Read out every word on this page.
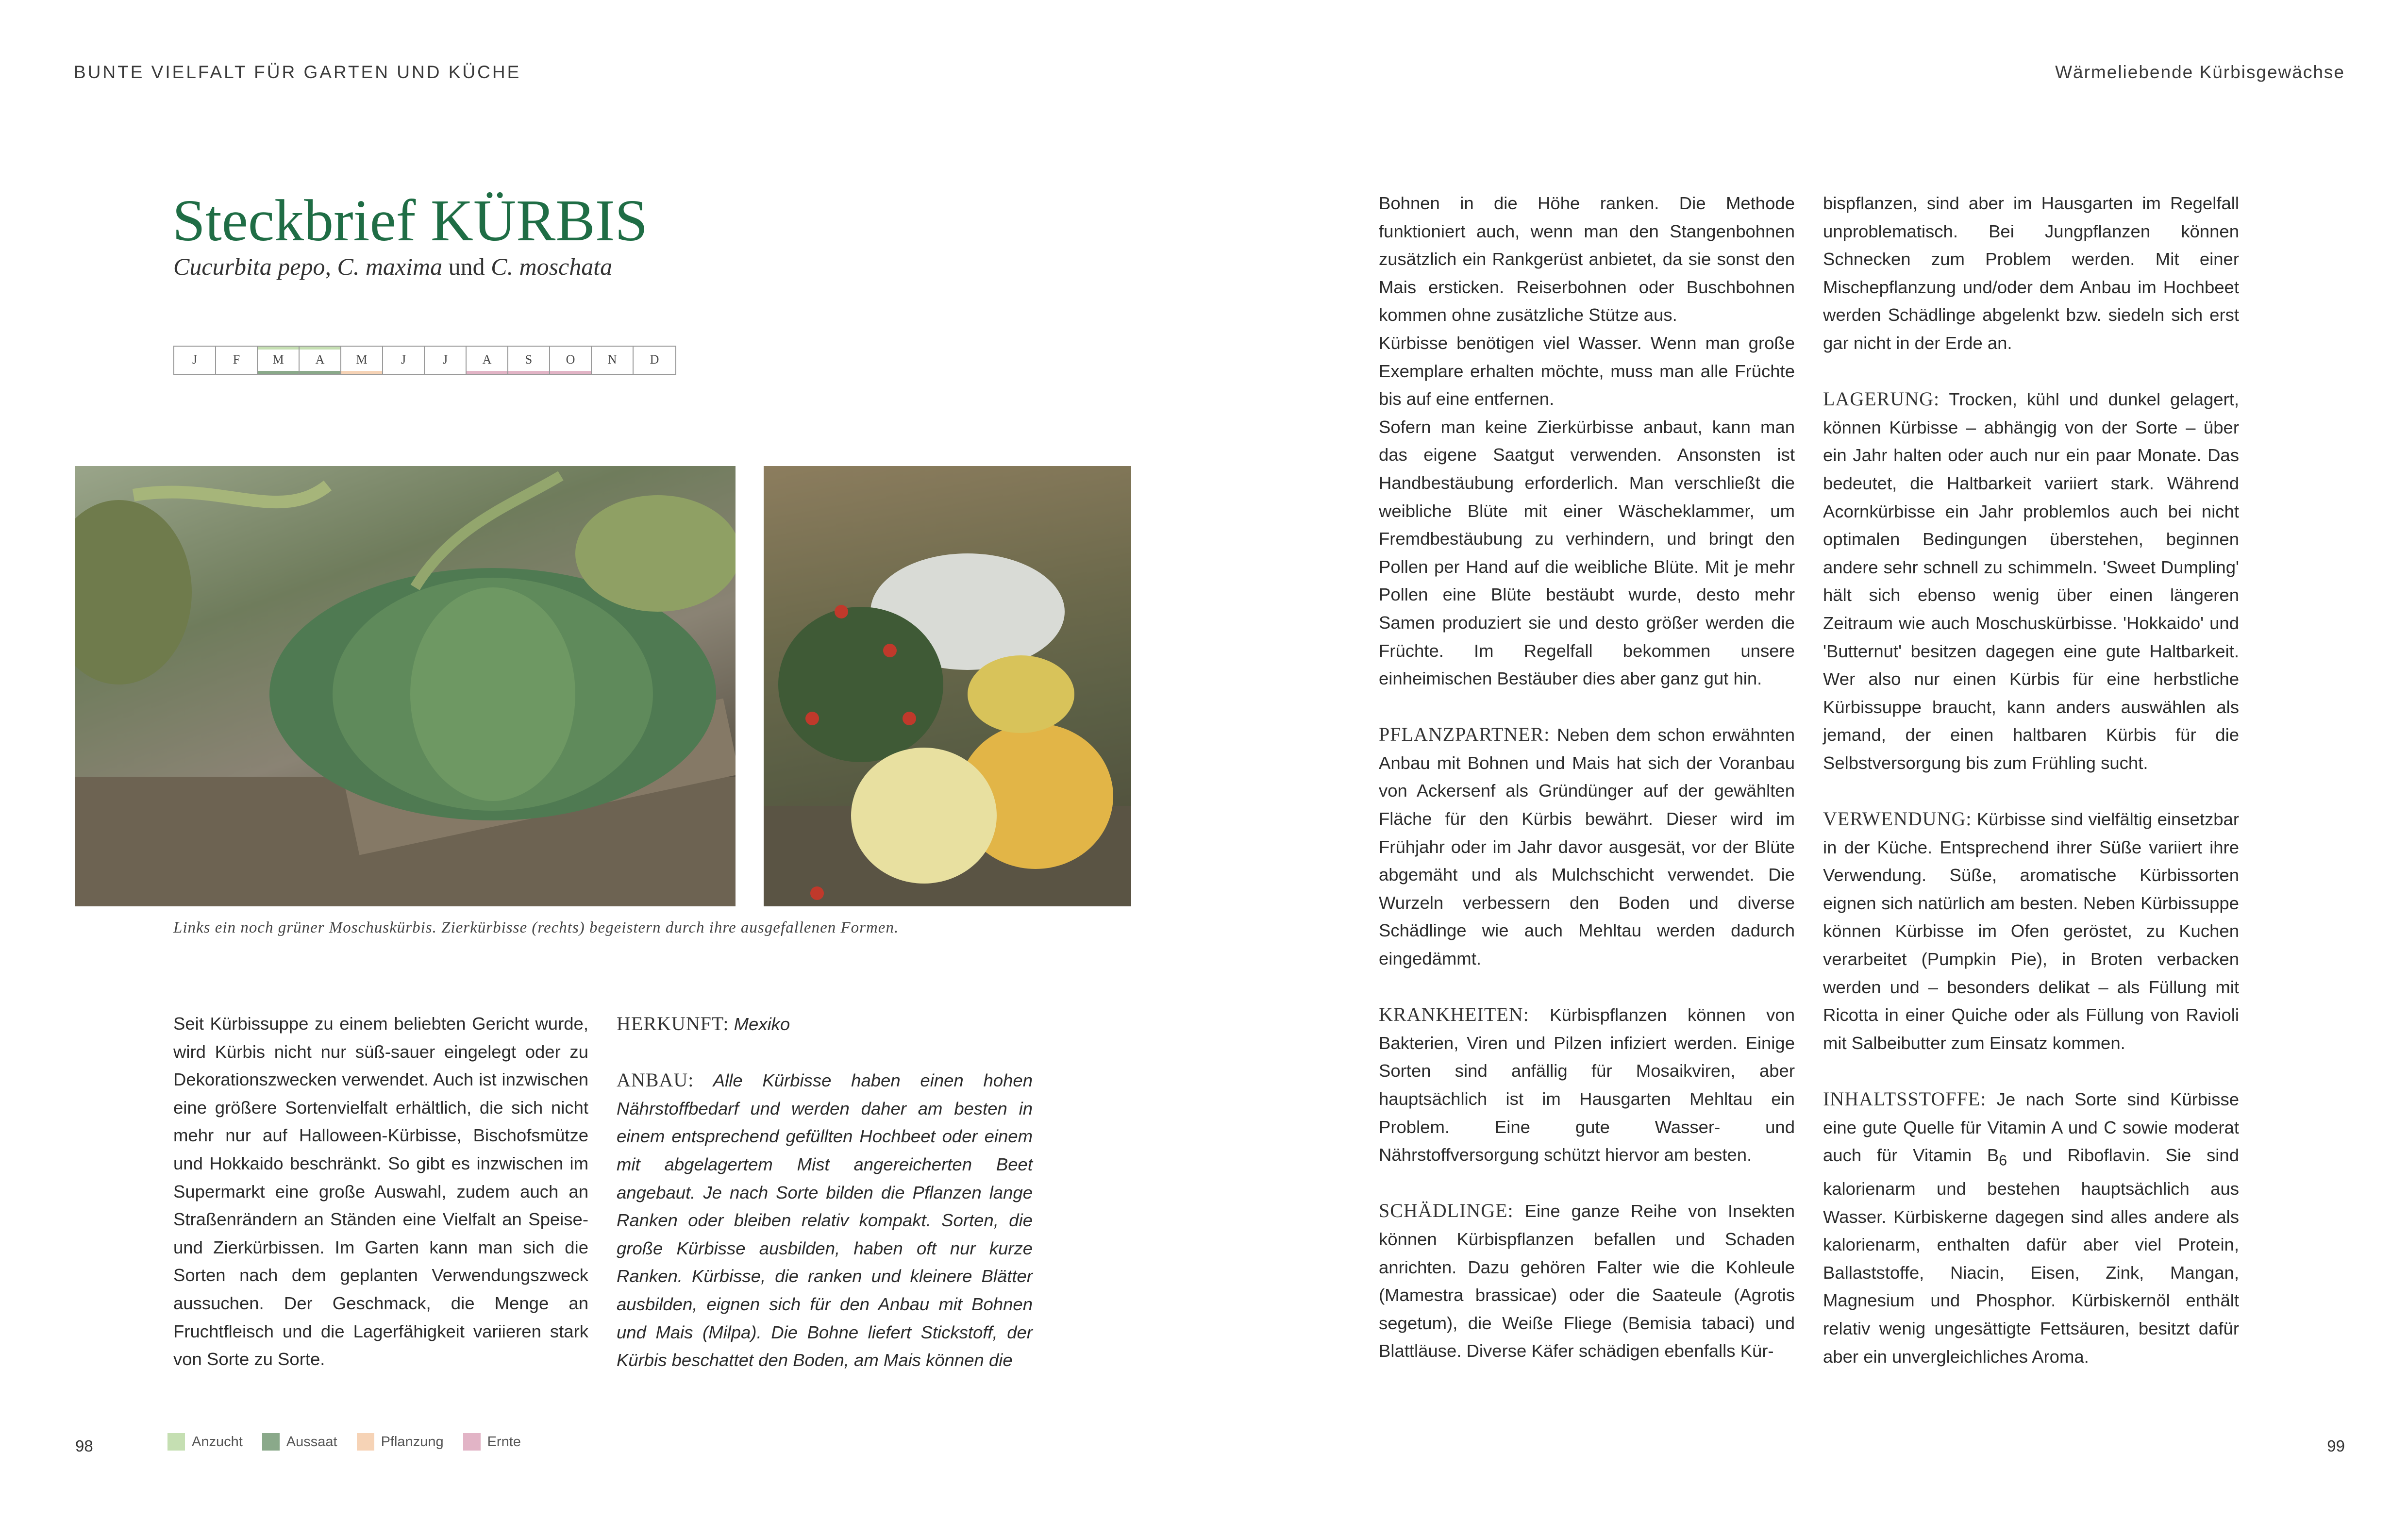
BUNTE VIELFALT FÜR GARTEN UND KÜCHE	Wärmeliebende Kürbisgewächse
Steckbrief KÜRBIS
Cucurbita pepo, C. maxima und C. moschata
J	F	M	A	M	J	J	A	S	O	N	D
Links ein noch grüner Moschuskürbis. Zierkürbisse (rechts) begeistern durch ihre ausgefallenen Formen.

Seit Kürbissuppe zu einem beliebten Gericht wurde, wird Kürbis nicht nur süß-sauer eingelegt oder zu Dekorationszwecken verwendet. Auch ist inzwischen eine größere Sortenvielfalt erhältlich, die sich nicht mehr nur auf Halloween-Kürbisse, Bischofsmütze und Hokkaido beschränkt. So gibt es inzwischen im Supermarkt eine große Auswahl, zudem auch an Straßenrändern an Ständen eine Vielfalt an Speise- und Zierkürbissen. Im Garten kann man sich die Sorten nach dem geplanten Verwendungszweck aussuchen. Der Geschmack, die Menge an Fruchtfleisch und die Lagerfähigkeit variieren stark von Sorte zu Sorte.

HERKUNFT: Mexiko

ANBAU: Alle Kürbisse haben einen hohen Nährstoffbedarf und werden daher am besten in einem entsprechend gefüllten Hochbeet oder einem mit abgelagertem Mist angereicherten Beet angebaut. Je nach Sorte bilden die Pflanzen lange Ranken oder bleiben relativ kompakt. Sorten, die große Kürbisse ausbilden, haben oft nur kurze Ranken. Kürbisse, die ranken und kleinere Blätter ausbilden, eignen sich für den Anbau mit Bohnen und Mais (Milpa). Die Bohne liefert Stickstoff, der Kürbis beschattet den Boden, am Mais können die

Bohnen in die Höhe ranken. Die Methode funktioniert auch, wenn man den Stangenbohnen zusätzlich ein Rankgerüst anbietet, da sie sonst den Mais ersticken. Reiserbohnen oder Buschbohnen kommen ohne zusätzliche Stütze aus.

Kürbisse benötigen viel Wasser. Wenn man große Exemplare erhalten möchte, muss man alle Früchte bis auf eine entfernen.

Sofern man keine Zierkürbisse anbaut, kann man das eigene Saatgut verwenden. Ansonsten ist Handbestäubung erforderlich. Man verschließt die weibliche Blüte mit einer Wäscheklammer, um Fremdbestäubung zu verhindern, und bringt den Pollen per Hand auf die weibliche Blüte. Mit je mehr Pollen eine Blüte bestäubt wurde, desto mehr Samen produziert sie und desto größer werden die Früchte. Im Regelfall bekommen unsere einheimischen Bestäuber dies aber ganz gut hin.

PFLANZPARTNER: Neben dem schon erwähnten Anbau mit Bohnen und Mais hat sich der Voranbau von Ackersenf als Gründünger auf der gewählten Fläche für den Kürbis bewährt. Dieser wird im Frühjahr oder im Jahr davor ausgesät, vor der Blüte abgemäht und als Mulchschicht verwendet. Die Wurzeln verbessern den Boden und diverse Schädlinge wie auch Mehltau werden dadurch eingedämmt.

KRANKHEITEN: Kürbispflanzen können von Bakterien, Viren und Pilzen infiziert werden. Einige Sorten sind anfällig für Mosaikviren, aber hauptsächlich ist im Hausgarten Mehltau ein Problem. Eine gute Wasser- und Nährstoffversorgung schützt hiervor am besten.

SCHÄDLINGE: Eine ganze Reihe von Insekten können Kürbispflanzen befallen und Schaden anrichten. Dazu gehören Falter wie die Kohleule (Mamestra brassicae) oder die Saateule (Agrotis segetum), die Weiße Fliege (Bemisia tabaci) und Blattläuse. Diverse Käfer schädigen ebenfalls Kür-

bispflanzen, sind aber im Hausgarten im Regelfall unproblematisch. Bei Jungpflanzen können Schnecken zum Problem werden. Mit einer Mischepflanzung und/oder dem Anbau im Hochbeet werden Schädlinge abgelenkt bzw. siedeln sich erst gar nicht in der Erde an.

LAGERUNG: Trocken, kühl und dunkel gelagert, können Kürbisse – abhängig von der Sorte – über ein Jahr halten oder auch nur ein paar Monate. Das bedeutet, die Haltbarkeit variiert stark. Während Acornkürbisse ein Jahr problemlos auch bei nicht optimalen Bedingungen überstehen, beginnen andere sehr schnell zu schimmeln. 'Sweet Dumpling' hält sich ebenso wenig über einen längeren Zeitraum wie auch Moschuskürbisse. 'Hokkaido' und 'Butternut' besitzen dagegen eine gute Haltbarkeit. Wer also nur einen Kürbis für eine herbstliche Kürbissuppe braucht, kann anders auswählen als jemand, der einen haltbaren Kürbis für die Selbstversorgung bis zum Frühling sucht.

VERWENDUNG: Kürbisse sind vielfältig einsetzbar in der Küche. Entsprechend ihrer Süße variiert ihre Verwendung. Süße, aromatische Kürbissorten eignen sich natürlich am besten. Neben Kürbissuppe können Kürbisse im Ofen geröstet, zu Kuchen verarbeitet (Pumpkin Pie), in Broten verbacken werden und – besonders delikat – als Füllung mit Ricotta in einer Quiche oder als Füllung von Ravioli mit Salbeibutter zum Einsatz kommen.

INHALTSSTOFFE: Je nach Sorte sind Kürbisse eine gute Quelle für Vitamin A und C sowie moderat auch für Vitamin $B_6$ und Riboflavin. Sie sind kalorienarm und bestehen hauptsächlich aus Wasser. Kürbiskerne dagegen sind alles andere als kalorienarm, enthalten dafür aber viel Protein, Ballaststoffe, Niacin, Eisen, Zink, Mangan, Magnesium und Phosphor. Kürbiskernöl enthält relativ wenig ungesättigte Fettsäuren, besitzt dafür aber ein unvergleichliches Aroma.

98	99
Anzucht	Aussaat	Pflanzung	Ernte
